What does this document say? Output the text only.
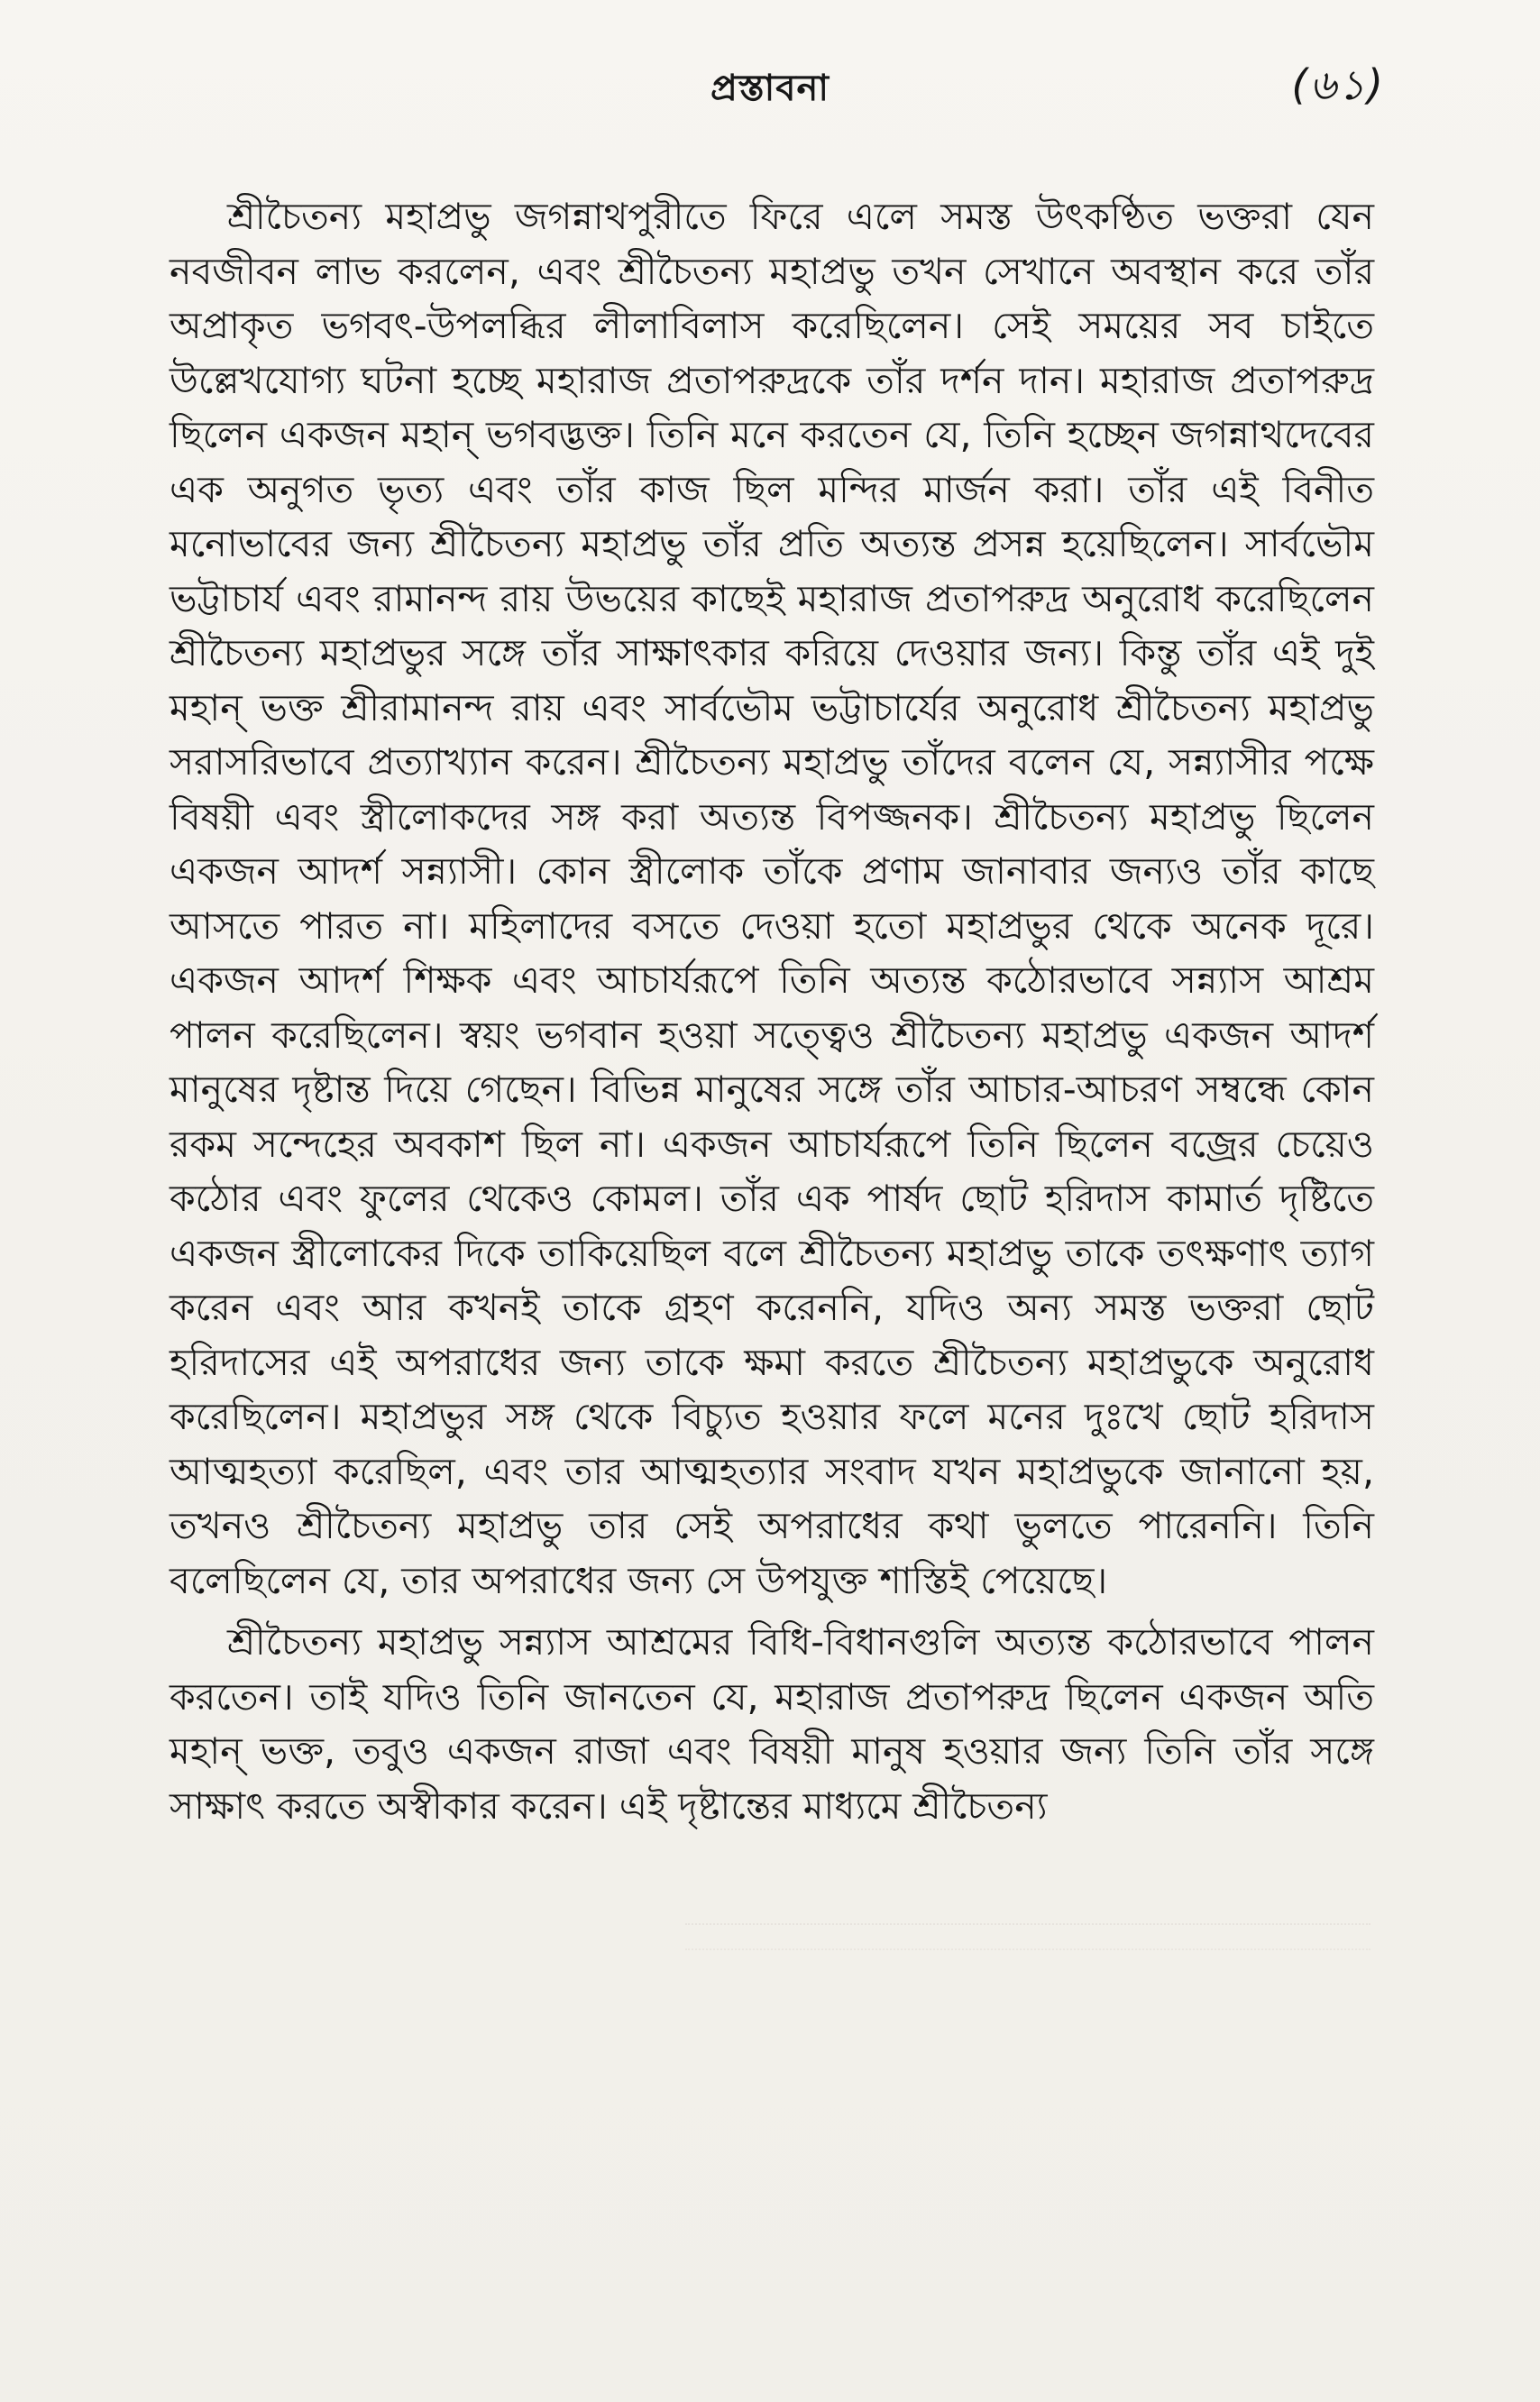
প্রস্তাবনা	(৬১)

শ্রীচৈতন্য মহাপ্রভু জগন্নাথপুরীতে ফিরে এলে সমস্ত উৎকণ্ঠিত ভক্তরা যেন নবজীবন লাভ করলেন, এবং শ্রীচৈতন্য মহাপ্রভু তখন সেখানে অবস্থান করে তাঁর অপ্রাকৃত ভগবৎ-উপলব্ধির লীলাবিলাস করেছিলেন। সেই সময়ের সব চাইতে উল্লেখযোগ্য ঘটনা হচ্ছে মহারাজ প্রতাপরুদ্রকে তাঁর দর্শন দান। মহারাজ প্রতাপরুদ্র ছিলেন একজন মহান্ ভগবদ্ভক্ত। তিনি মনে করতেন যে, তিনি হচ্ছেন জগন্নাথদেবের এক অনুগত ভৃত্য এবং তাঁর কাজ ছিল মন্দির মার্জন করা। তাঁর এই বিনীত মনোভাবের জন্য শ্রীচৈতন্য মহাপ্রভু তাঁর প্রতি অত্যন্ত প্রসন্ন হয়েছিলেন। সার্বভৌম ভট্টাচার্য এবং রামানন্দ রায় উভয়ের কাছেই মহারাজ প্রতাপরুদ্র অনুরোধ করেছিলেন শ্রীচৈতন্য মহাপ্রভুর সঙ্গে তাঁর সাক্ষাৎকার করিয়ে দেওয়ার জন্য। কিন্তু তাঁর এই দুই মহান্ ভক্ত শ্রীরামানন্দ রায় এবং সার্বভৌম ভট্টাচার্যের অনুরোধ শ্রীচৈতন্য মহাপ্রভু সরাসরিভাবে প্রত্যাখ্যান করেন। শ্রীচৈতন্য মহাপ্রভু তাঁদের বলেন যে, সন্ন্যাসীর পক্ষে বিষয়ী এবং স্ত্রীলোকদের সঙ্গ করা অত্যন্ত বিপজ্জনক। শ্রীচৈতন্য মহাপ্রভু ছিলেন একজন আদর্শ সন্ন্যাসী। কোন স্ত্রীলোক তাঁকে প্রণাম জানাবার জন্যও তাঁর কাছে আসতে পারত না। মহিলাদের বসতে দেওয়া হতো মহাপ্রভুর থেকে অনেক দূরে। একজন আদর্শ শিক্ষক এবং আচার্যরূপে তিনি অত্যন্ত কঠোরভাবে সন্ন্যাস আশ্রম পালন করেছিলেন। স্বয়ং ভগবান হওয়া সত্ত্বেও শ্রীচৈতন্য মহাপ্রভু একজন আদর্শ মানুষের দৃষ্টান্ত দিয়ে গেছেন। বিভিন্ন মানুষের সঙ্গে তাঁর আচার-আচরণ সম্বন্ধে কোন রকম সন্দেহের অবকাশ ছিল না। একজন আচার্যরূপে তিনি ছিলেন বজ্রের চেয়েও কঠোর এবং ফুলের থেকেও কোমল। তাঁর এক পার্ষদ ছোট হরিদাস কামার্ত দৃষ্টিতে একজন স্ত্রীলোকের দিকে তাকিয়েছিল বলে শ্রীচৈতন্য মহাপ্রভু তাকে তৎক্ষণাৎ ত্যাগ করেন এবং আর কখনই তাকে গ্রহণ করেননি, যদিও অন্য সমস্ত ভক্তরা ছোট হরিদাসের এই অপরাধের জন্য তাকে ক্ষমা করতে শ্রীচৈতন্য মহাপ্রভুকে অনুরোধ করেছিলেন। মহাপ্রভুর সঙ্গ থেকে বিচ্যুত হওয়ার ফলে মনের দুঃখে ছোট হরিদাস আত্মহত্যা করেছিল, এবং তার আত্মহত্যার সংবাদ যখন মহাপ্রভুকে জানানো হয়, তখনও শ্রীচৈতন্য মহাপ্রভু তার সেই অপরাধের কথা ভুলতে পারেননি। তিনি বলেছিলেন যে, তার অপরাধের জন্য সে উপযুক্ত শাস্তিই পেয়েছে।

শ্রীচৈতন্য মহাপ্রভু সন্ন্যাস আশ্রমের বিধি-বিধানগুলি অত্যন্ত কঠোরভাবে পালন করতেন। তাই যদিও তিনি জানতেন যে, মহারাজ প্রতাপরুদ্র ছিলেন একজন অতি মহান্ ভক্ত, তবুও একজন রাজা এবং বিষয়ী মানুষ হওয়ার জন্য তিনি তাঁর সঙ্গে সাক্ষাৎ করতে অস্বীকার করেন। এই দৃষ্টান্তের মাধ্যমে শ্রীচৈতন্য
